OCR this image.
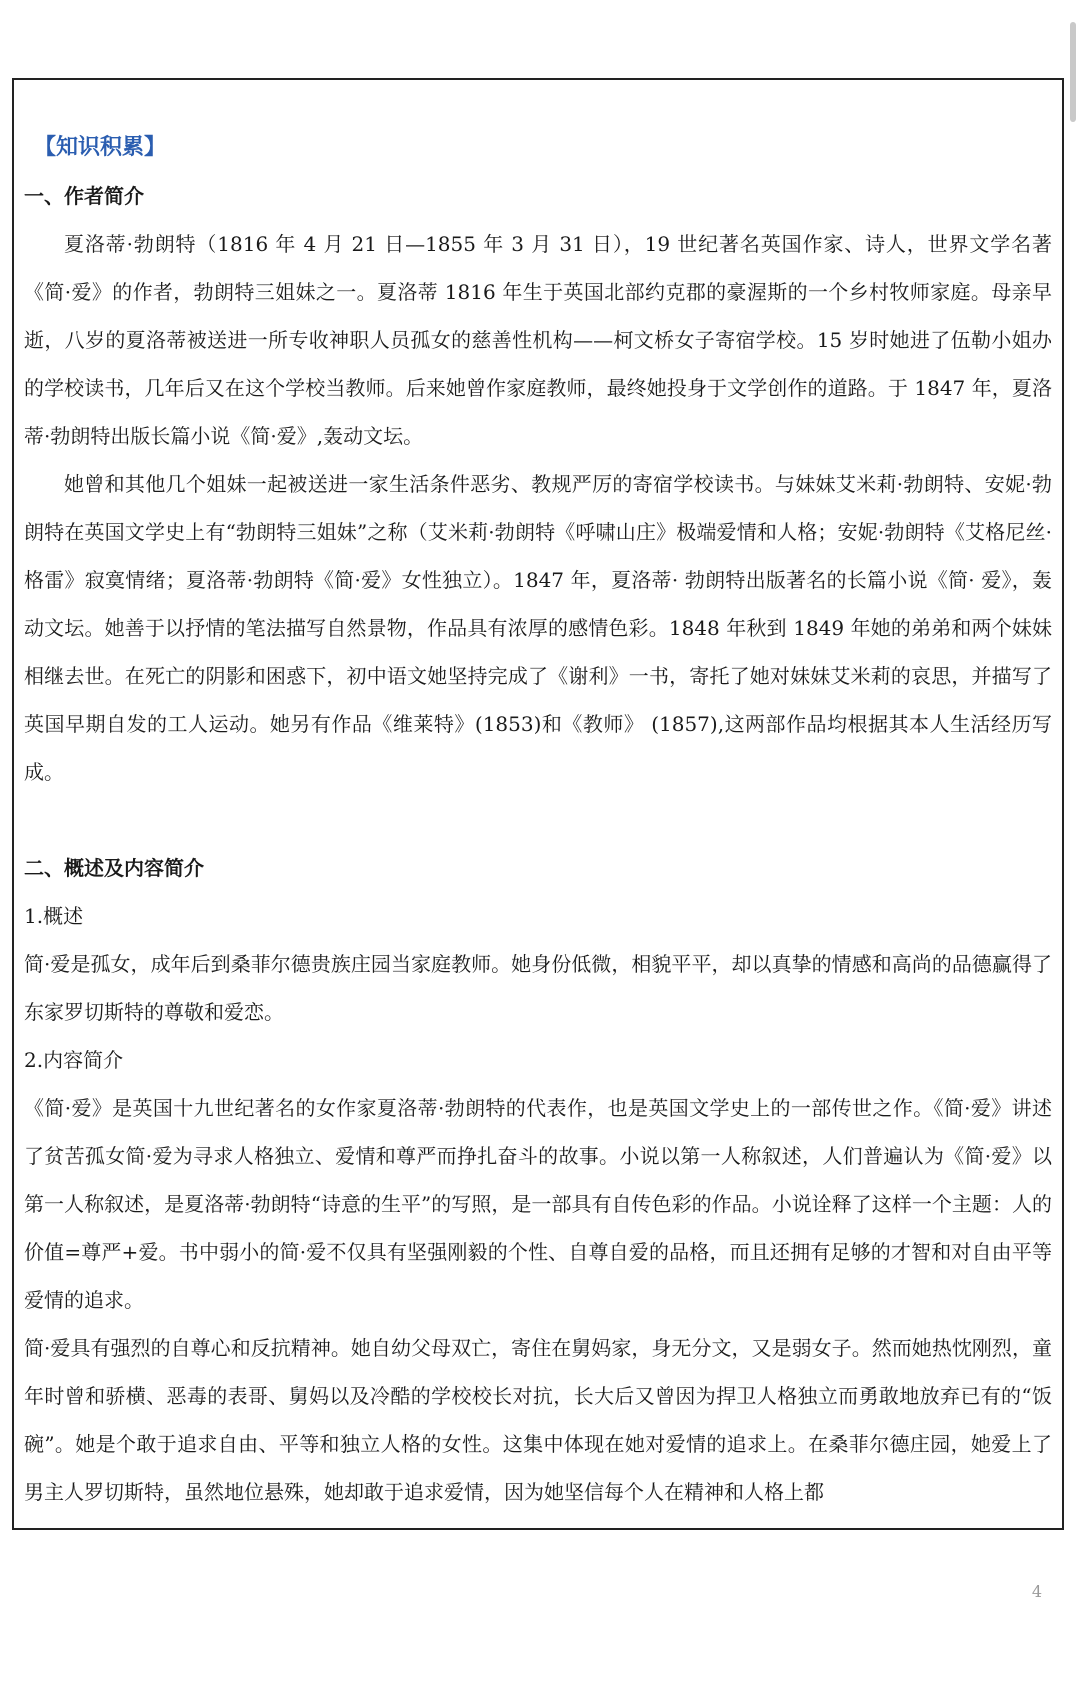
【知识积累】
一、作者简介

夏洛蒂·勃朗特（1816 年 4 月 21 日—1855 年 3 月 31 日），19 世纪著名英国作家、诗人，世界文学名著《简·爱》的作者，勃朗特三姐妹之一。夏洛蒂 1816 年生于英国北部约克郡的豪渥斯的一个乡村牧师家庭。母亲早逝，八岁的夏洛蒂被送进一所专收神职人员孤女的慈善性机构——柯文桥女子寄宿学校。15 岁时她进了伍勒小姐办的学校读书，几年后又在这个学校当教师。后来她曾作家庭教师，最终她投身于文学创作的道路。于 1847 年，夏洛蒂·勃朗特出版长篇小说《简·爱》,轰动文坛。

她曾和其他几个姐妹一起被送进一家生活条件恶劣、教规严厉的寄宿学校读书。与妹妹艾米莉·勃朗特、安妮·勃朗特在英国文学史上有“勃朗特三姐妹”之称（艾米莉·勃朗特《呼啸山庄》极端爱情和人格；安妮·勃朗特《艾格尼丝·格雷》寂寞情绪；夏洛蒂·勃朗特《简·爱》女性独立）。1847 年，夏洛蒂· 勃朗特出版著名的长篇小说《简· 爱》，轰动文坛。她善于以抒情的笔法描写自然景物，作品具有浓厚的感情色彩。1848 年秋到 1849 年她的弟弟和两个妹妹相继去世。在死亡的阴影和困惑下，初中语文她坚持完成了《谢利》一书，寄托了她对妹妹艾米莉的哀思，并描写了英国早期自发的工人运动。她另有作品《维莱特》(1853)和《教师》 (1857),这两部作品均根据其本人生活经历写成。

二、概述及内容简介

1.概述

简·爱是孤女，成年后到桑菲尔德贵族庄园当家庭教师。她身份低微，相貌平平，却以真挚的情感和高尚的品德赢得了东家罗切斯特的尊敬和爱恋。

2.内容简介

《简·爱》是英国十九世纪著名的女作家夏洛蒂·勃朗特的代表作，也是英国文学史上的一部传世之作。《简·爱》讲述了贫苦孤女简·爱为寻求人格独立、爱情和尊严而挣扎奋斗的故事。小说以第一人称叙述，人们普遍认为《简·爱》以第一人称叙述，是夏洛蒂·勃朗特“诗意的生平”的写照，是一部具有自传色彩的作品。小说诠释了这样一个主题：人的价值=尊严+爱。书中弱小的简·爱不仅具有坚强刚毅的个性、自尊自爱的品格，而且还拥有足够的才智和对自由平等爱情的追求。

简·爱具有强烈的自尊心和反抗精神。她自幼父母双亡，寄住在舅妈家，身无分文，又是弱女子。然而她热忱刚烈，童年时曾和骄横、恶毒的表哥、舅妈以及冷酷的学校校长对抗，长大后又曾因为捍卫人格独立而勇敢地放弃已有的“饭碗”。她是个敢于追求自由、平等和独立人格的女性。这集中体现在她对爱情的追求上。在桑菲尔德庄园，她爱上了男主人罗切斯特，虽然地位悬殊，她却敢于追求爱情，因为她坚信每个人在精神和人格上都

4
